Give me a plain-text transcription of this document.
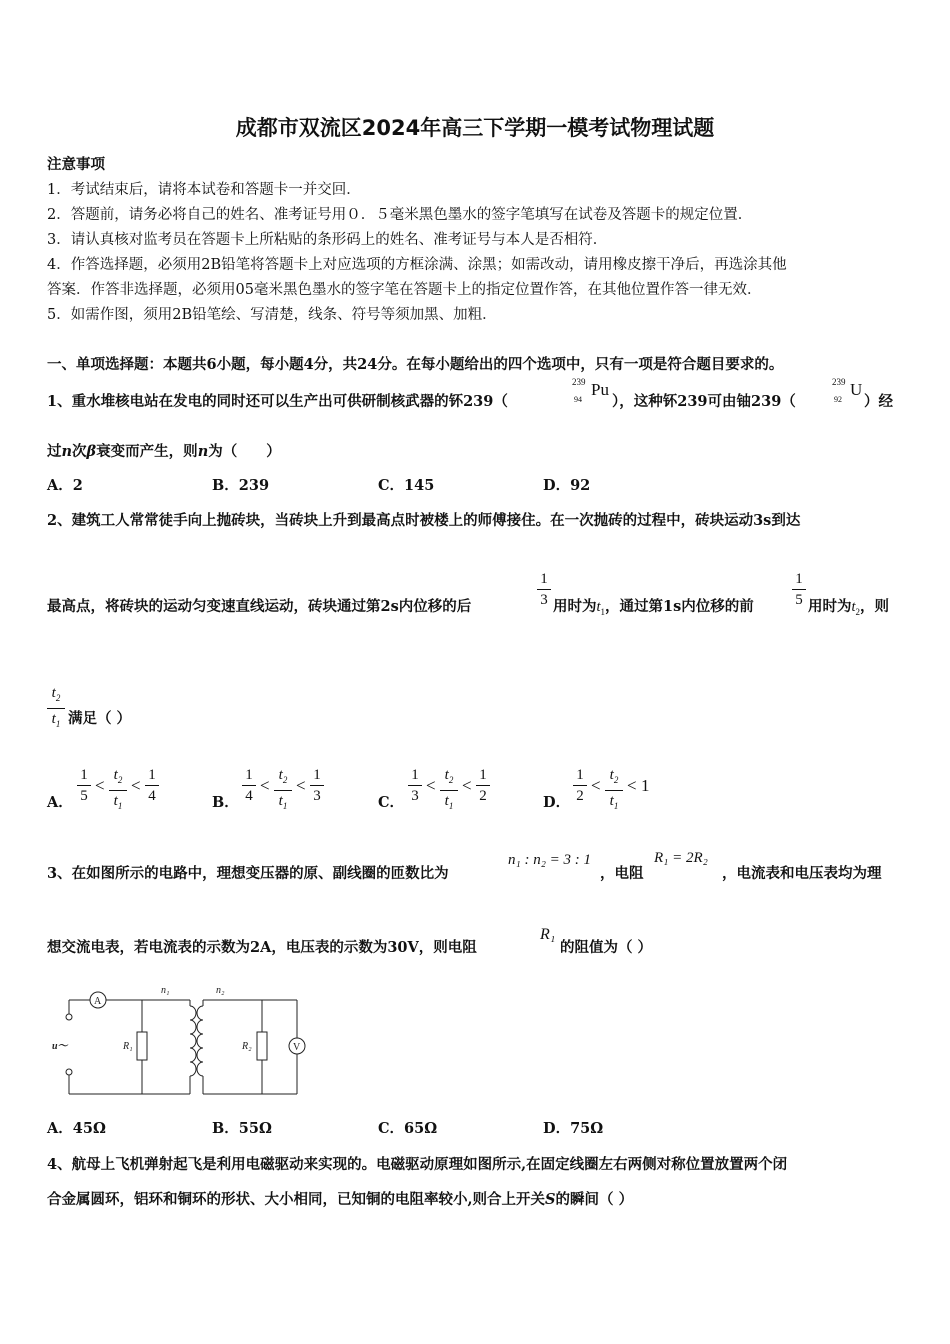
成都市双流区2024年高三下学期一模考试物理试题
注意事项
1．考试结束后，请将本试卷和答题卡一并交回．
2．答题前，请务必将自己的姓名、准考证号用０．５毫米黑色墨水的签字笔填写在试卷及答题卡的规定位置．
3．请认真核对监考员在答题卡上所粘贴的条形码上的姓名、准考证号与本人是否相符．
4．作答选择题，必须用2B铅笔将答题卡上对应选项的方框涂满、涂黑；如需改动，请用橡皮擦干净后，再选涂其他
答案．作答非选择题，必须用05毫米黑色墨水的签字笔在答题卡上的指定位置作答，在其他位置作答一律无效．
5．如需作图，须用2B铅笔绘、写清楚，线条、符号等须加黑、加粗．
一、单项选择题：本题共6小题，每小题4分，共24分。在每小题给出的四个选项中，只有一项是符合题目要求的。
1、重水堆核电站在发电的同时还可以生产出可供研制核武器的钚239（
239
94
Pu
），这种钚239可由铀239（
239
92
U
）经
过n次β衰变而产生，则n为（　　）
A．2	B．239	C．145	D．92
2、建筑工人常常徒手向上抛砖块，当砖块上升到最高点时被楼上的师傅接住。在一次抛砖的过程中，砖块运动3s到达
最高点，将砖块的运动匀变速直线运动，砖块通过第2s内位移的后
1
3 用时为$t_1$，通过第1s内位移的前
1
5 用时为$t_2$，则
$t_2$
$t_1$ 满足（ ）
A．
1
5
<
$t_2$
$t_1$
<
1
4	B．
1
4
<
$t_2$
$t_1$
<
1
3	C．
1
3
<
$t_2$
$t_1$
<
1
2	D．
1
2
<
$t_2$
$t_1$
< 1
3、在如图所示的电路中，理想变压器的原、副线圈的匝数比为
n₁ : n₂ = 3 : 1
，电阻
R₁ = 2R₂
，电流表和电压表均为理
想交流电表，若电流表的示数为2A，电压表的示数为30V，则电阻
R₁
的阻值为（ ）
A
V
n₁	n₂
R₁	R₂
u～
A．45Ω	B．55Ω	C．65Ω	D．75Ω
4、航母上飞机弹射起飞是利用电磁驱动来实现的。电磁驱动原理如图所示,在固定线圈左右两侧对称位置放置两个闭
合金属圆环，铝环和铜环的形状、大小相同，已知铜的电阻率较小,则合上开关S的瞬间（ ）
